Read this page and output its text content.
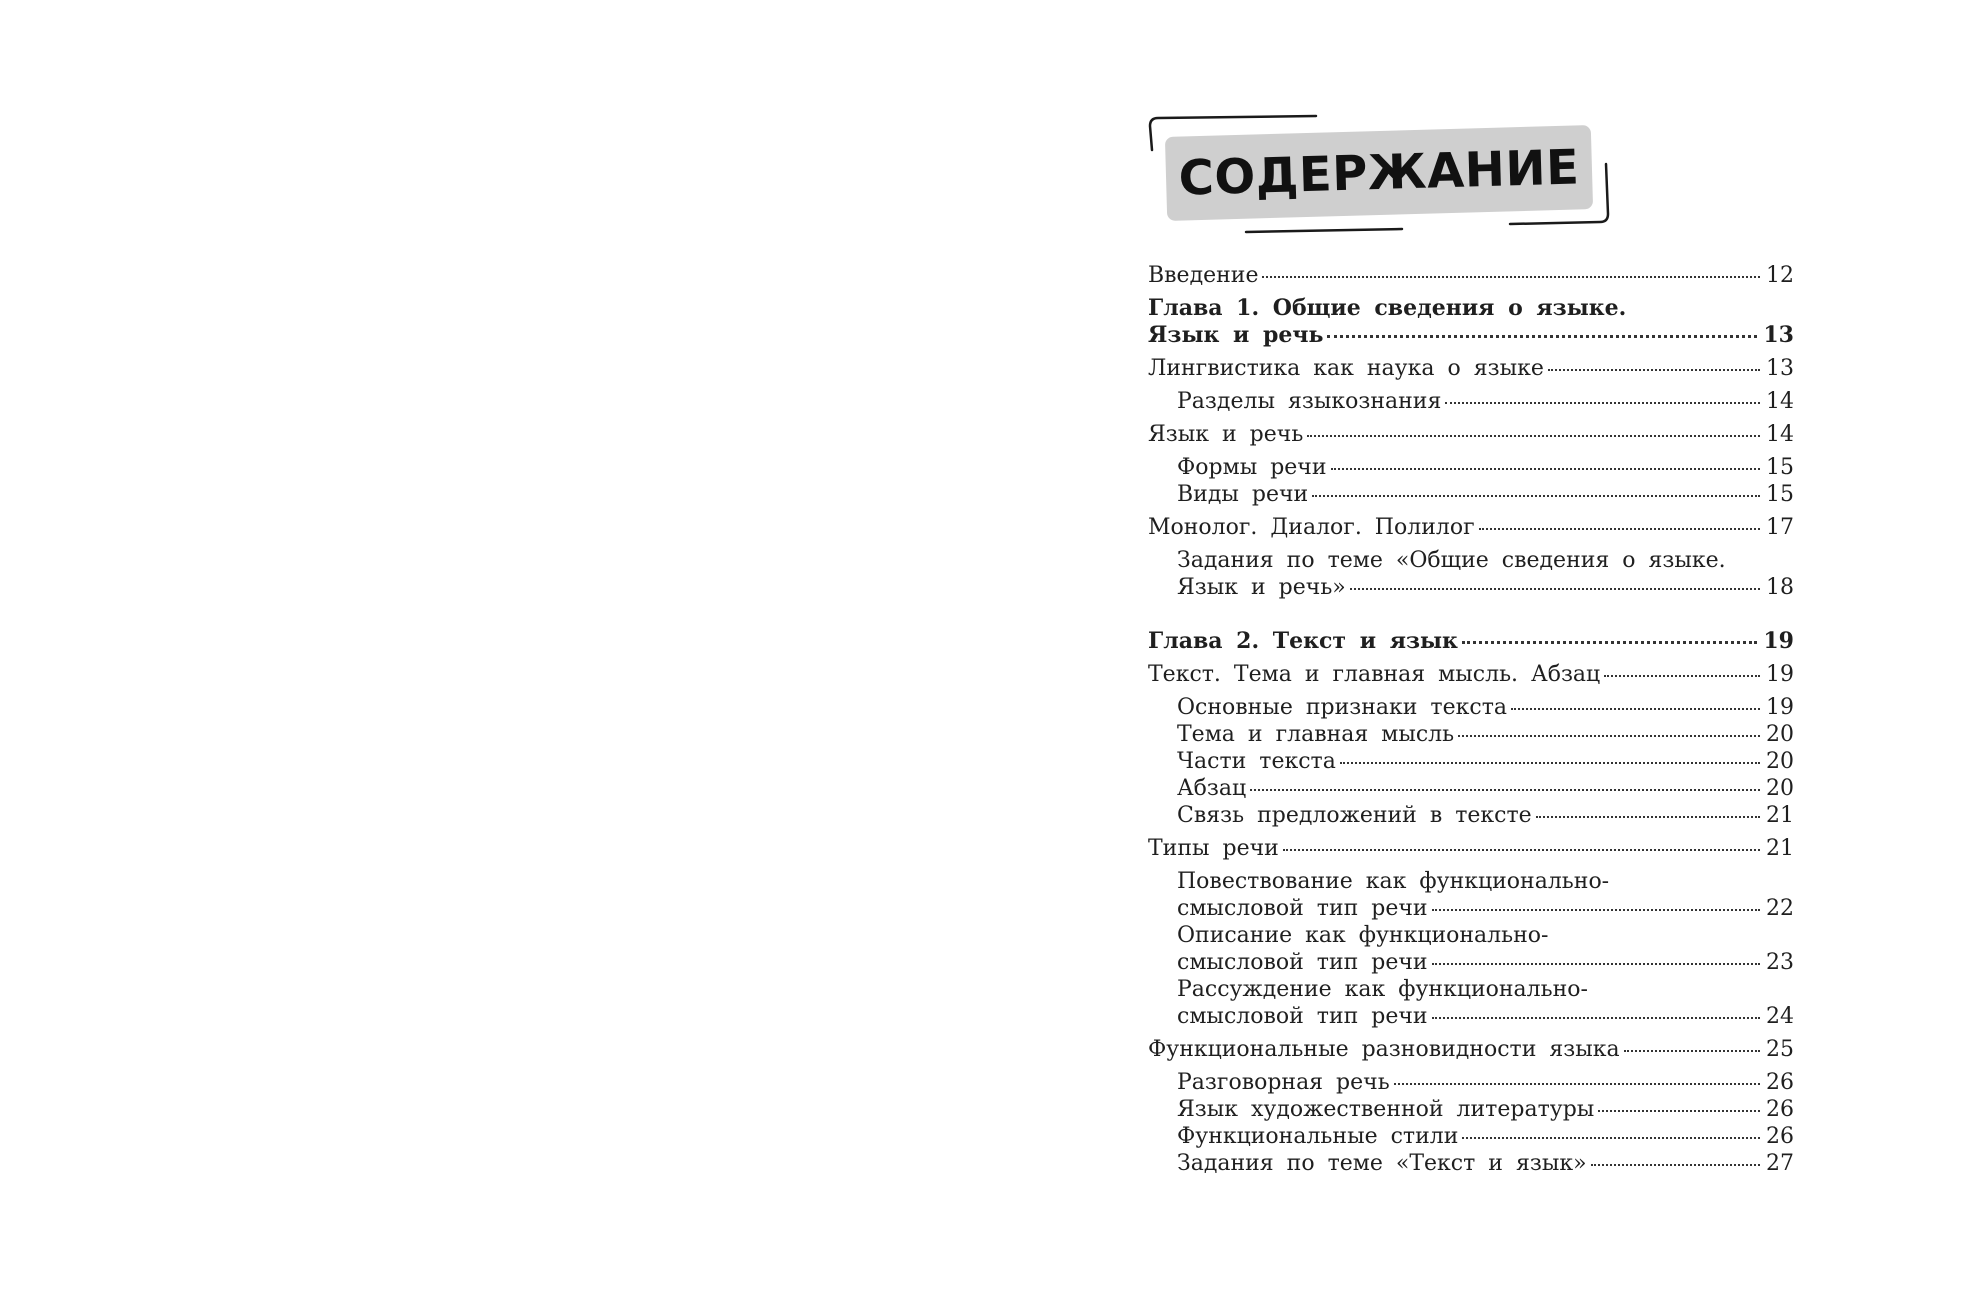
СОДЕРЖАНИЕ
Введение	12
Глава 1. Общие сведения о языке.
Язык и речь	13
Лингвистика как наука о языке	13
Разделы языкознания	14
Язык и речь	14
Формы речи	15
Виды речи	15
Монолог. Диалог. Полилог	17
Задания по теме «Общие сведения о языке.
Язык и речь»	18
Глава 2. Текст и язык	19
Текст. Тема и главная мысль. Абзац	19
Основные признаки текста	19
Тема и главная мысль	20
Части текста	20
Абзац	20
Связь предложений в тексте	21
Типы речи	21
Повествование как функционально-
смысловой тип речи	22
Описание как функционально-
смысловой тип речи	23
Рассуждение как функционально-
смысловой тип речи	24
Функциональные разновидности языка	25
Разговорная речь	26
Язык художественной литературы	26
Функциональные стили	26
Задания по теме «Текст и язык»	27
